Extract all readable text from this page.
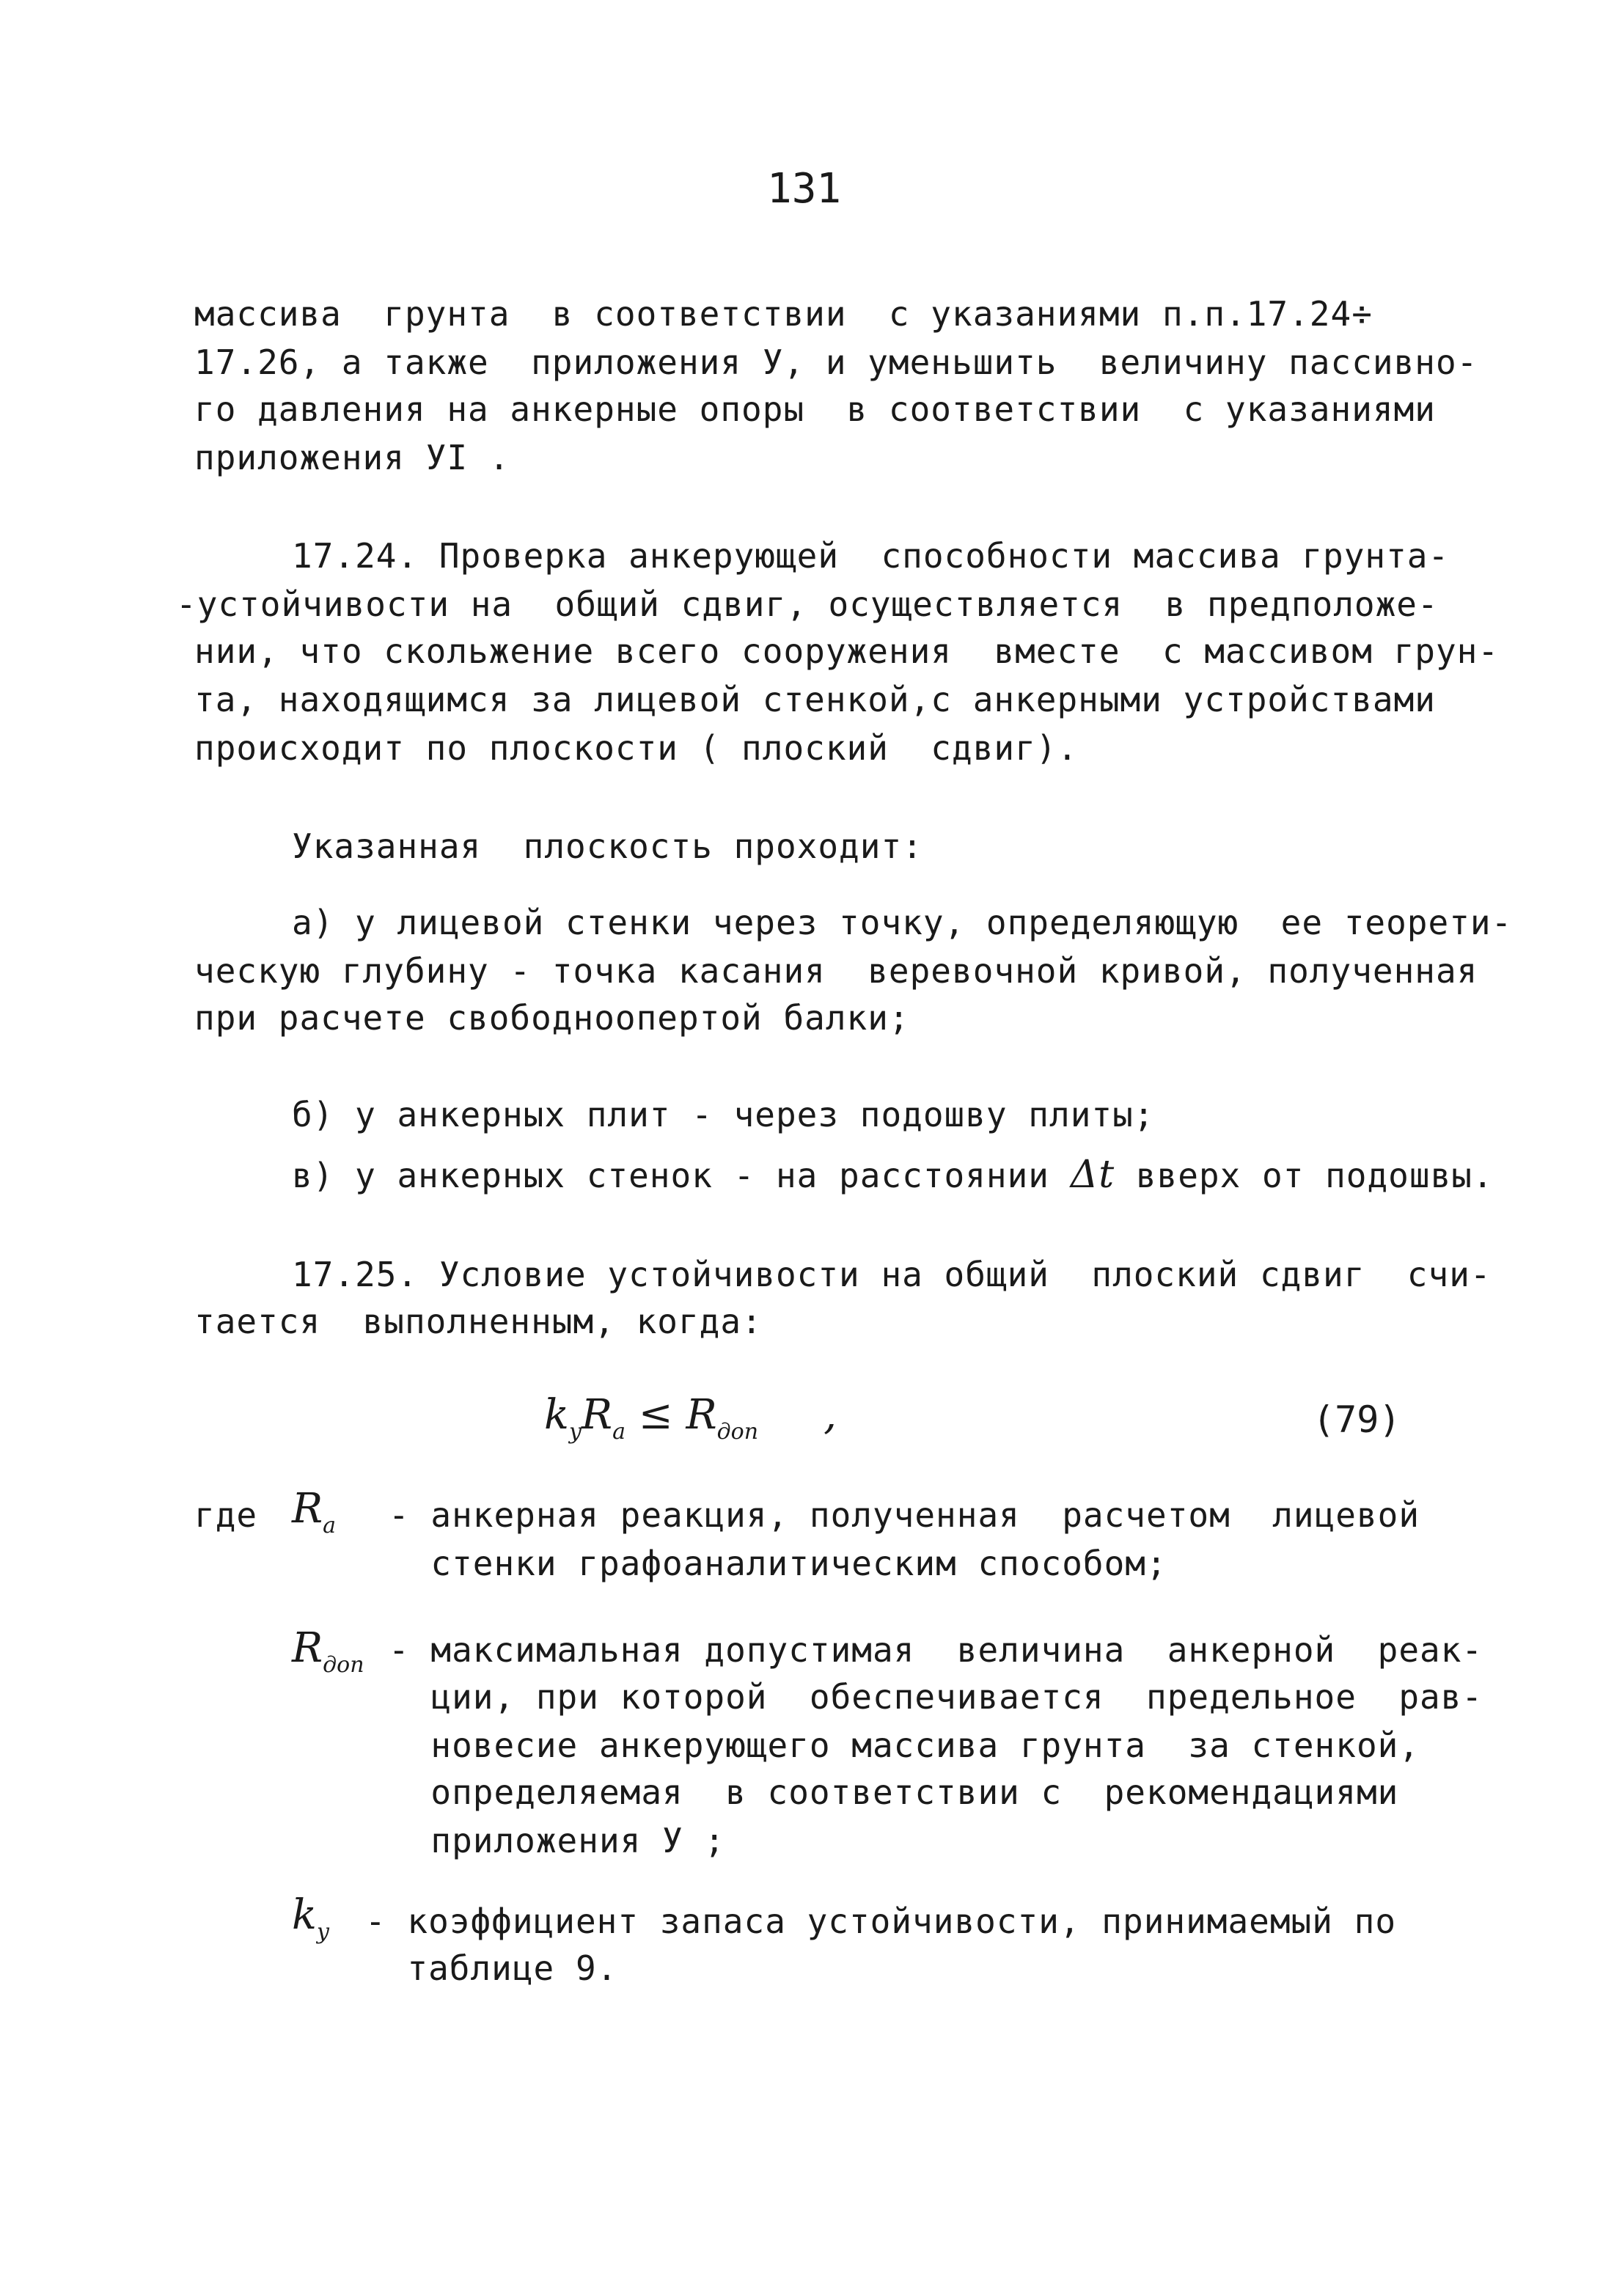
131
массива  грунта  в соответствии  с указаниями п.п.17.24÷
17.26, а также  приложения У, и уменьшить  величину пассивно-
го давления на анкерные опоры  в соответствии  с указаниями
приложения УI .
17.24. Проверка анкерующей  способности массива грунта-
-устойчивости на  общий сдвиг, осуществляется  в предположе-
нии, что скольжение всего сооружения  вместе  с массивом грун-
та, находящимся за лицевой стенкой,с анкерными устройствами
происходит по плоскости ( плоский  сдвиг).
Указанная  плоскость проходит:
а) у лицевой стенки через точку, определяющую  ее теорети-
ческую глубину - точка касания  веревочной кривой, полученная
при расчете свободноопертой балки;
б) у анкерных плит - через подошву плиты;
в) у анкерных стенок - на расстоянии Δt вверх от подошвы.
17.25. Условие устойчивости на общий  плоский сдвиг  счи-
тается  выполненным, когда:
$k_yR_a \le R_{доп}$ ,	(79)
где $R_a$ - анкерная реакция, полученная  расчетом  лицевой
стенки графоаналитическим способом;
$R_{доп}$ - максимальная допустимая  величина  анкерной  реак-
ции, при которой  обеспечивается  предельное  рав-
новесие анкерующего массива грунта  за стенкой,
определяемая  в соответствии с  рекомендациями
приложения У ;
$k_y$ - коэффициент запаса устойчивости, принимаемый по
таблице 9.
